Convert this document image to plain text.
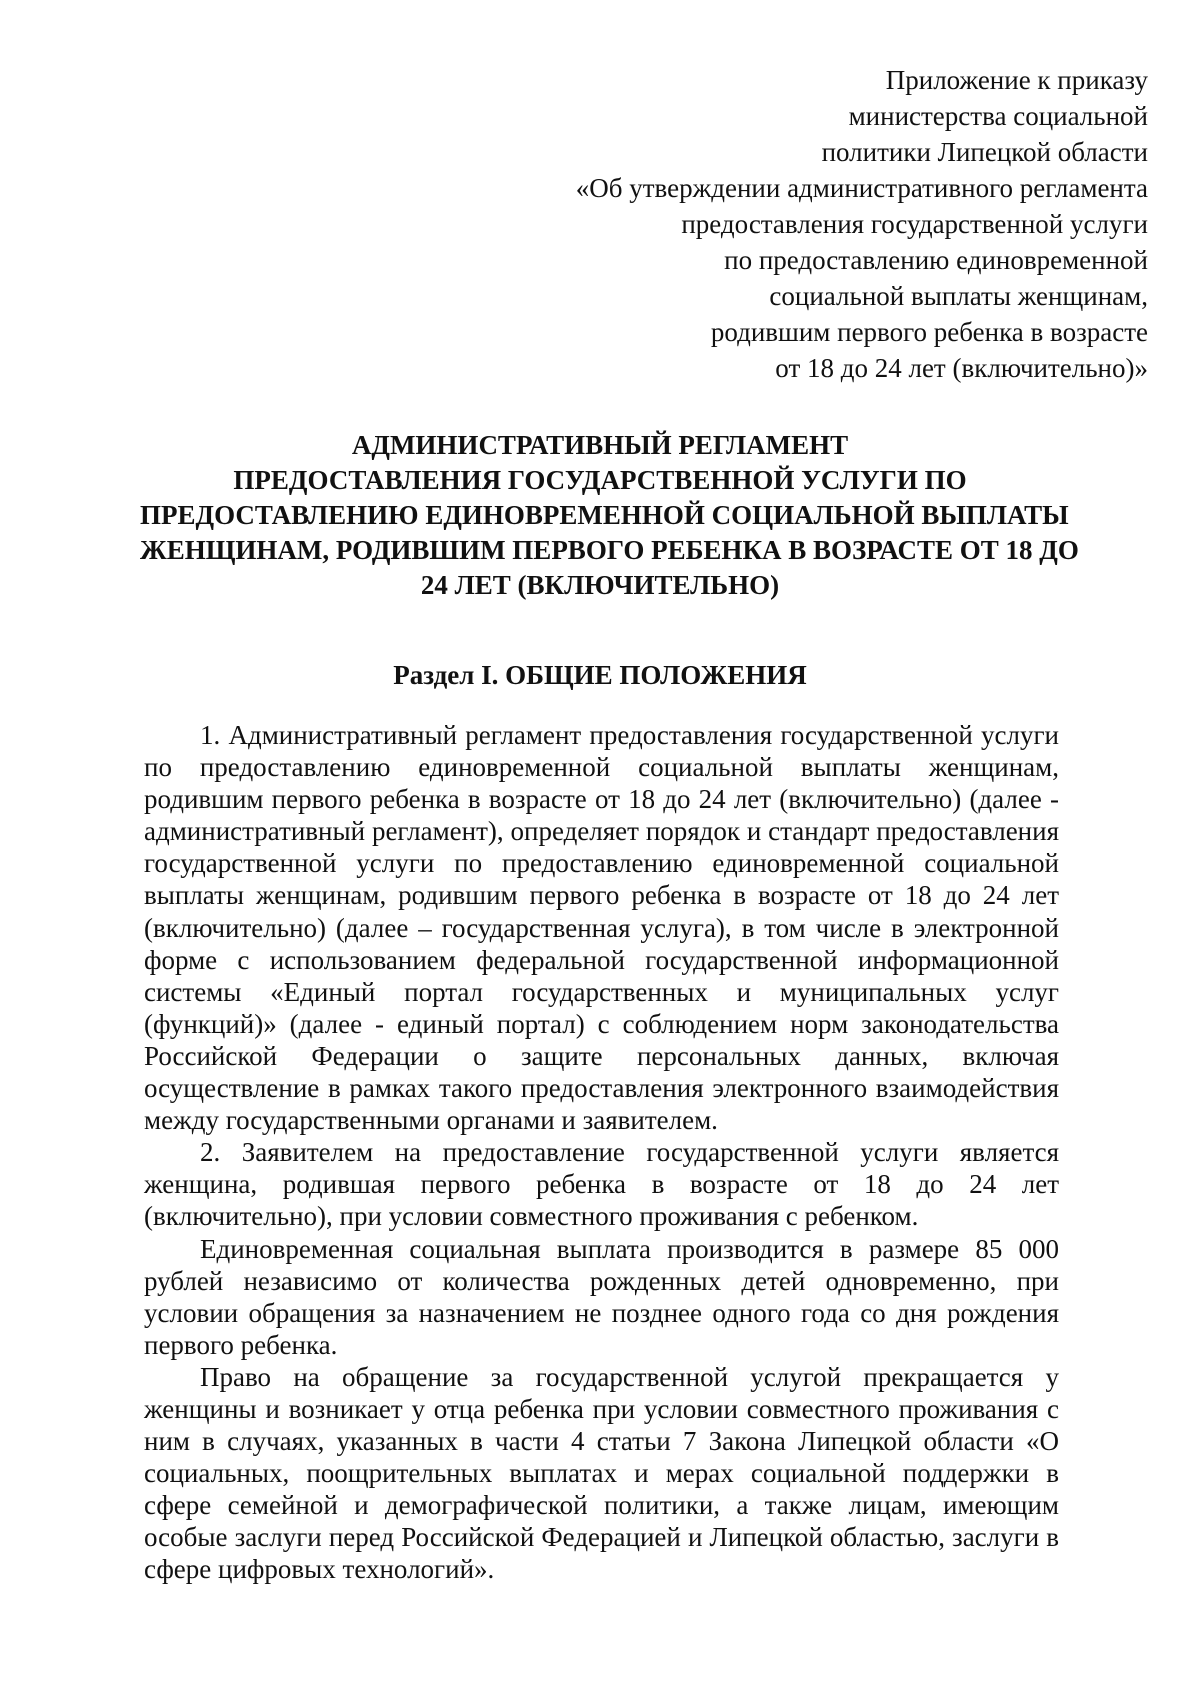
Приложение к приказу
министерства социальной
политики Липецкой области
«Об утверждении административного регламента
предоставления государственной услуги
по предоставлению единовременной
социальной выплаты женщинам,
родившим первого ребенка в возрасте
от 18 до 24 лет (включительно)»
АДМИНИСТРАТИВНЫЙ РЕГЛАМЕНТ
ПРЕДОСТАВЛЕНИЯ ГОСУДАРСТВЕННОЙ УСЛУГИ ПО
ПРЕДОСТАВЛЕНИЮ ЕДИНОВРЕМЕННОЙ СОЦИАЛЬНОЙ ВЫПЛАТЫ
ЖЕНЩИНАМ, РОДИВШИМ ПЕРВОГО РЕБЕНКА В ВОЗРАСТЕ ОТ 18 ДО
24 ЛЕТ (ВКЛЮЧИТЕЛЬНО)
Раздел I. ОБЩИЕ ПОЛОЖЕНИЯ

1. Административный регламент предоставления государственной услуги по предоставлению единовременной социальной выплаты женщинам, родившим первого ребенка в возрасте от 18 до 24 лет (включительно) (далее - административный регламент), определяет порядок и стандарт предоставления государственной услуги по предоставлению единовременной социальной выплаты женщинам, родившим первого ребенка в возрасте от 18 до 24 лет (включительно) (далее – государственная услуга), в том числе в электронной форме с использованием федеральной государственной информационной системы «Единый портал государственных и муниципальных услуг (функций)» (далее - единый портал) с соблюдением норм законодательства Российской Федерации о защите персональных данных, включая осуществление в рамках такого предоставления электронного взаимодействия между государственными органами и заявителем.

2. Заявителем на предоставление государственной услуги является женщина, родившая первого ребенка в возрасте от 18 до 24 лет (включительно), при условии совместного проживания с ребенком.

Единовременная социальная выплата производится в размере 85 000 рублей независимо от количества рожденных детей одновременно, при условии обращения за назначением не позднее одного года со дня рождения первого ребенка.

Право на обращение за государственной услугой прекращается у женщины и возникает у отца ребенка при условии совместного проживания с ним в случаях, указанных в части 4 статьи 7 Закона Липецкой области «О социальных, поощрительных выплатах и мерах социальной поддержки в сфере семейной и демографической политики, а также лицам, имеющим особые заслуги перед Российской Федерацией и Липецкой областью, заслуги в сфере цифровых технологий».
